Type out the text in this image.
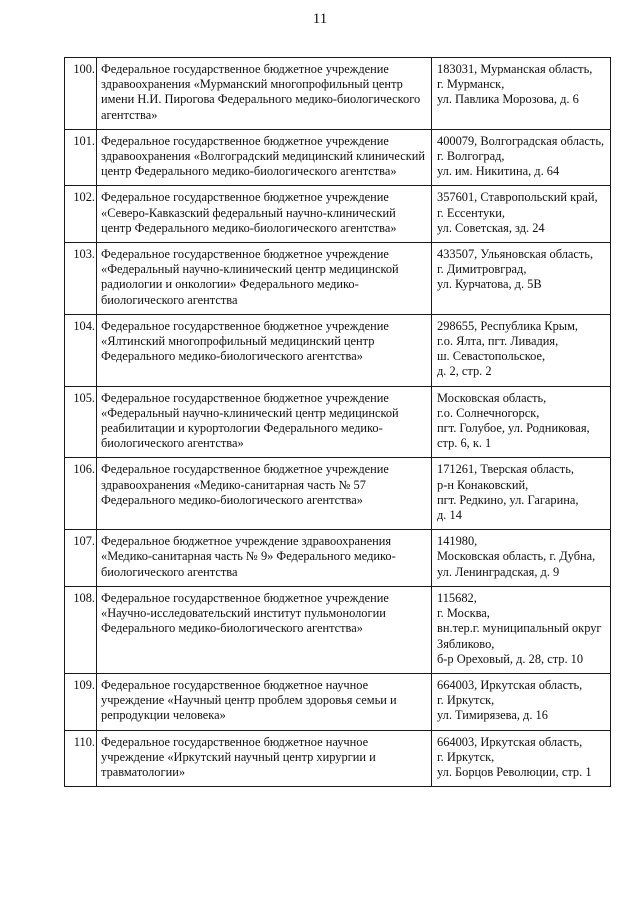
11
100.	Федеральное государственное бюджетное учреждение здравоохранения «Мурманский многопрофильный центр имени Н.И. Пирогова Федерального медико-биологического агентства»	183031, Мурманская область,
г. Мурманск,
ул. Павлика Морозова, д. 6
101.	Федеральное государственное бюджетное учреждение здравоохранения «Волгоградский медицинский клинический центр Федерального медико-биологического агентства»	400079, Волгоградская область,
г. Волгоград,
ул. им. Никитина, д. 64
102.	Федеральное государственное бюджетное учреждение «Северо-Кавказский федеральный научно-клинический центр Федерального медико-биологического агентства»	357601, Ставропольский край,
г. Ессентуки,
ул. Советская, зд. 24
103.	Федеральное государственное бюджетное учреждение «Федеральный научно-клинический центр медицинской радиологии и онкологии» Федерального медико-биологического агентства	433507, Ульяновская область,
г. Димитровград,
ул. Курчатова, д. 5В
104.	Федеральное государственное бюджетное учреждение «Ялтинский многопрофильный медицинский центр Федерального медико-биологического агентства»	298655, Республика Крым,
г.о. Ялта, пгт. Ливадия,
ш. Севастопольское,
д. 2, стр. 2
105.	Федеральное государственное бюджетное учреждение «Федеральный научно-клинический центр медицинской реабилитации и курортологии Федерального медико-биологического агентства»	Московская область,
г.о. Солнечногорск,
пгт. Голубое, ул. Родниковая,
стр. 6, к. 1
106.	Федеральное государственное бюджетное учреждение здравоохранения «Медико-санитарная часть № 57 Федерального медико-биологического агентства»	171261, Тверская область,
р-н Конаковский,
пгт. Редкино, ул. Гагарина,
д. 14
107.	Федеральное бюджетное учреждение здравоохранения «Медико-санитарная часть № 9» Федерального медико-биологического агентства	141980,
Московская область, г. Дубна,
ул. Ленинградская, д. 9
108.	Федеральное государственное бюджетное учреждение «Научно-исследовательский институт пульмонологии Федерального медико-биологического агентства»	115682,
г. Москва,
вн.тер.г. муниципальный округ Зябликово,
б-р Ореховый, д. 28, стр. 10
109.	Федеральное государственное бюджетное научное учреждение «Научный центр проблем здоровья семьи и репродукции человека»	664003, Иркутская область,
г. Иркутск,
ул. Тимирязева, д. 16
110.	Федеральное государственное бюджетное научное учреждение «Иркутский научный центр хирургии и травматологии»	664003, Иркутская область,
г. Иркутск,
ул. Борцов Революции, стр. 1
